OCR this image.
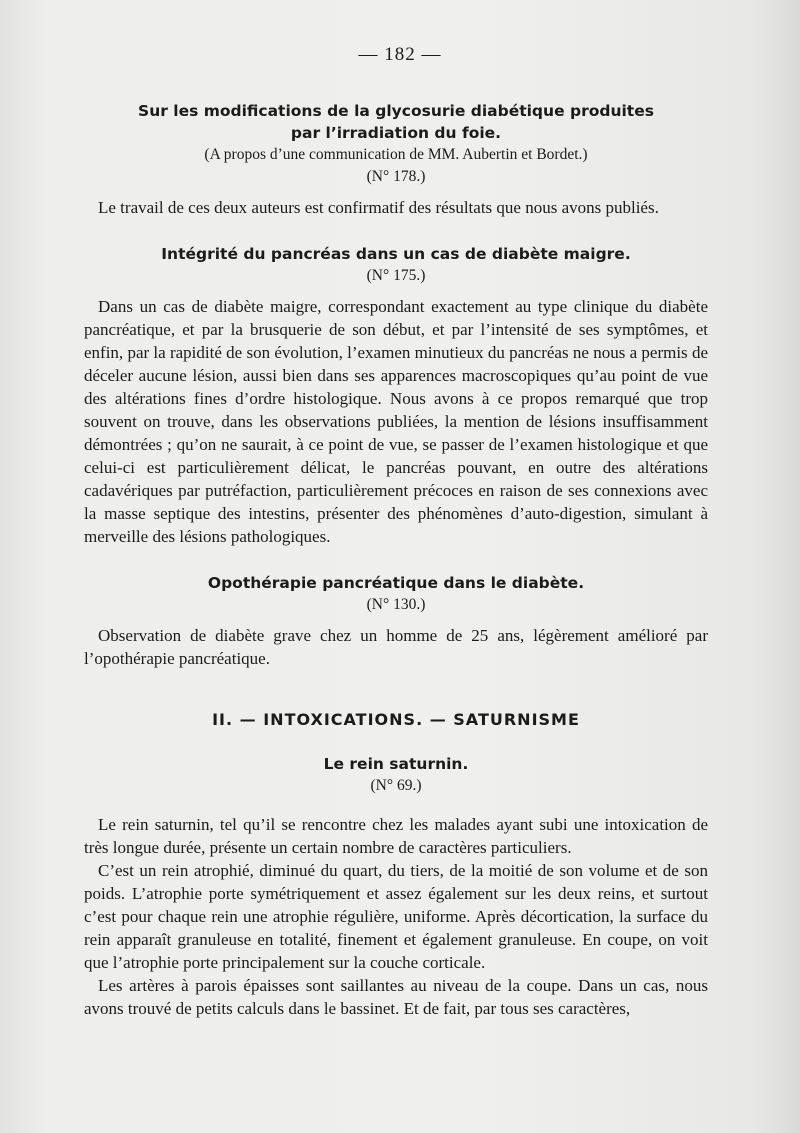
— 182 —

Sur les modifications de la glycosurie diabétique produites

par l’irradiation du foie.

(A propos d’une communication de MM. Aubertin et Bordet.)

(N° 178.)

Le travail de ces deux auteurs est confirmatif des résultats que nous avons publiés.

Intégrité du pancréas dans un cas de diabète maigre.

(N° 175.)

Dans un cas de diabète maigre, correspondant exactement au type clinique du diabète pancréatique, et par la brusquerie de son début, et par l’intensité de ses symptômes, et enfin, par la rapidité de son évolution, l’examen minutieux du pancréas ne nous a permis de déceler aucune lésion, aussi bien dans ses apparences macroscopiques qu’au point de vue des altérations fines d’ordre histologique. Nous avons à ce propos remarqué que trop souvent on trouve, dans les observations publiées, la mention de lésions insuffisamment démontrées ; qu’on ne saurait, à ce point de vue, se passer de l’examen histologique et que celui-ci est particulièrement délicat, le pancréas pouvant, en outre des altérations cadavériques par putréfaction, particulièrement précoces en raison de ses connexions avec la masse septique des intestins, présenter des phénomènes d’auto-digestion, simulant à merveille des lésions pathologiques.

Opothérapie pancréatique dans le diabète.

(N° 130.)

Observation de diabète grave chez un homme de 25 ans, légèrement amélioré par l’opothérapie pancréatique.

II. — INTOXICATIONS. — SATURNISME

Le rein saturnin.

(N° 69.)

Le rein saturnin, tel qu’il se rencontre chez les malades ayant subi une intoxication de très longue durée, présente un certain nombre de caractères particuliers.

C’est un rein atrophié, diminué du quart, du tiers, de la moitié de son volume et de son poids. L’atrophie porte symétriquement et assez également sur les deux reins, et surtout c’est pour chaque rein une atrophie régulière, uniforme. Après décortication, la surface du rein apparaît granuleuse en totalité, finement et également granuleuse. En coupe, on voit que l’atrophie porte principalement sur la couche corticale.

Les artères à parois épaisses sont saillantes au niveau de la coupe. Dans un cas, nous avons trouvé de petits calculs dans le bassinet. Et de fait, par tous ses caractères,
